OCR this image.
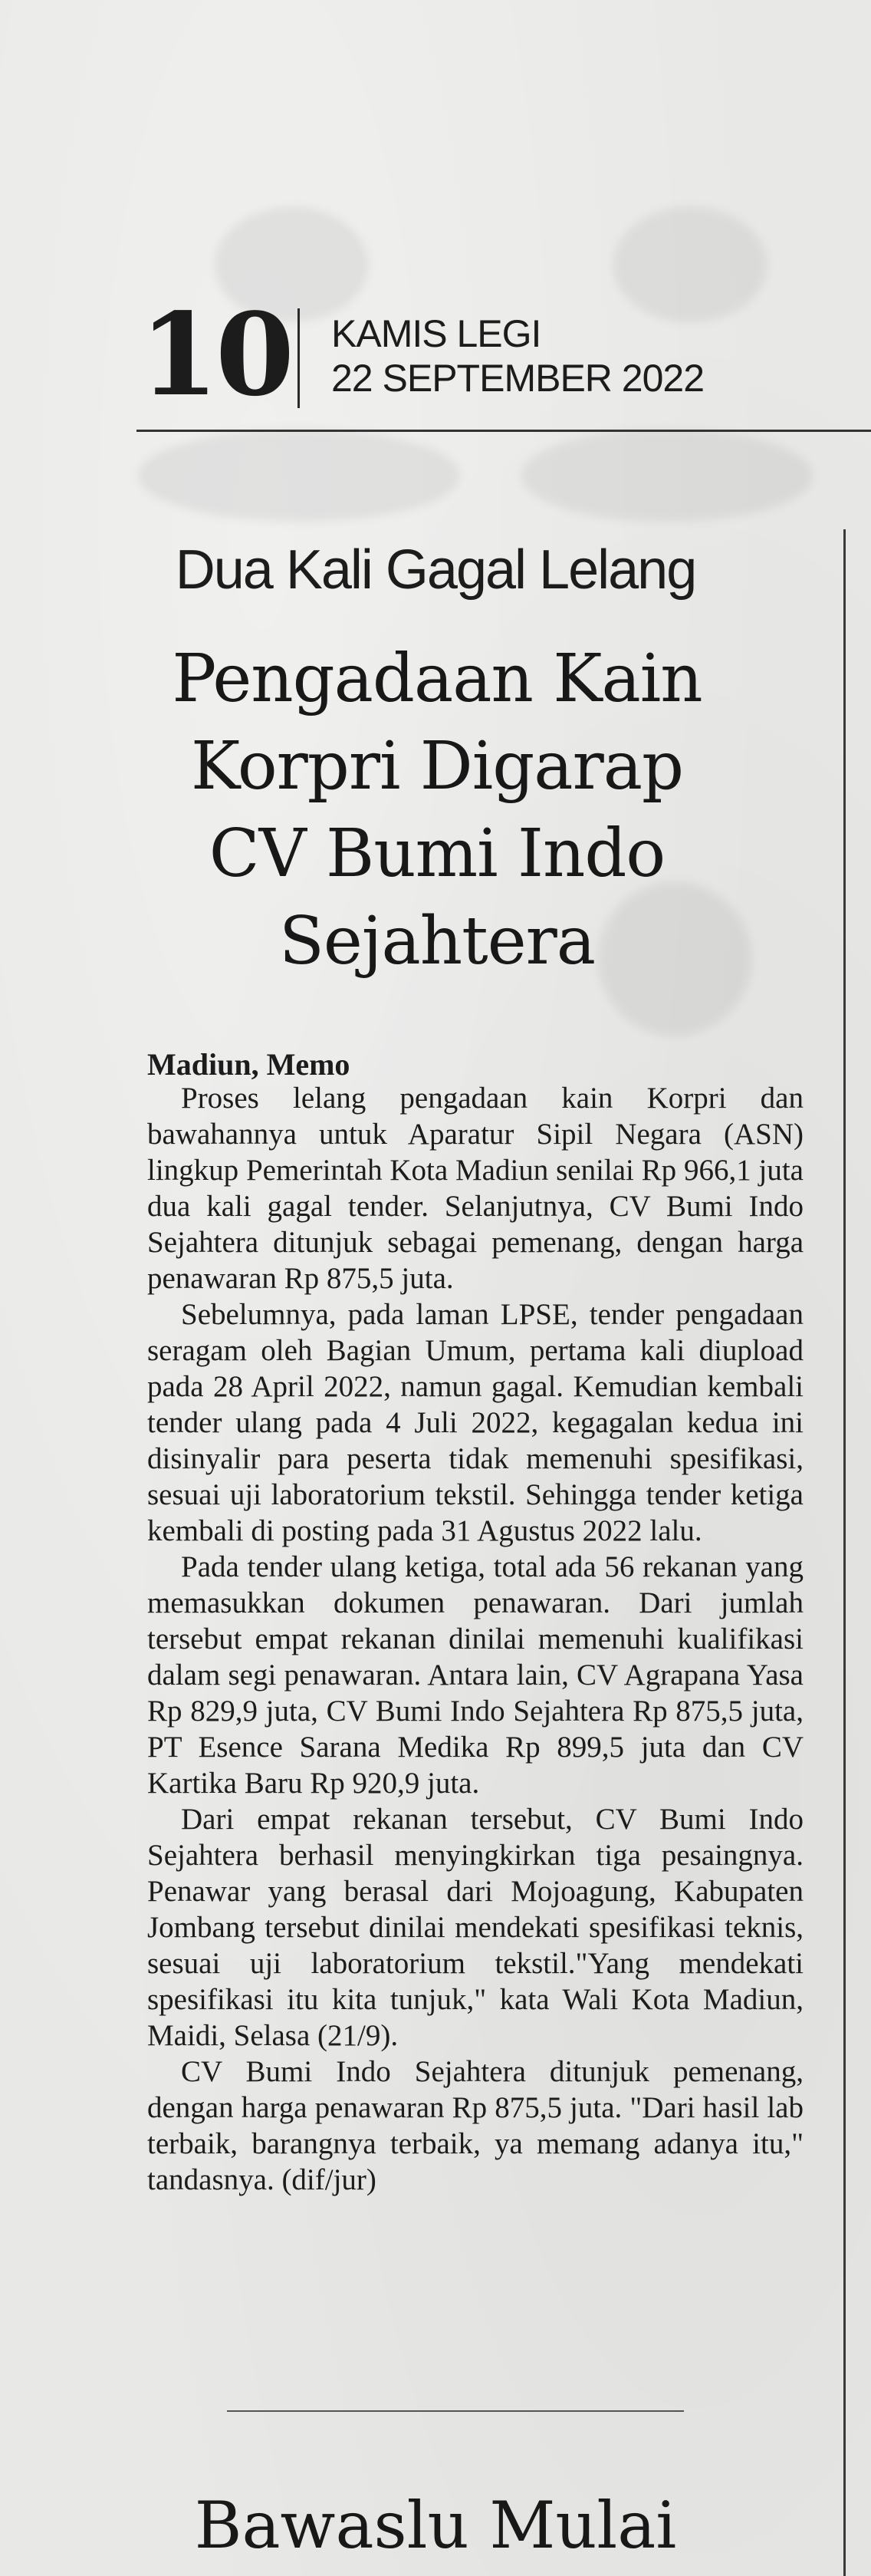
10 KAMIS LEGI
22 SEPTEMBER 2022
Dua Kali Gagal Lelang
Pengadaan Kain
Korpri Digarap
CV Bumi Indo
Sejahtera
Madiun, Memo

Proses lelang pengadaan kain Korpri dan bawahannya untuk Aparatur Sipil Negara (ASN) lingkup Pemerintah Kota Madiun senilai Rp 966,1 juta dua kali gagal tender. Selanjutnya, CV Bumi Indo Sejahtera ditunjuk sebagai pemenang, dengan harga penawaran Rp 875,5 juta.

Sebelumnya, pada laman LPSE, tender pengadaan seragam oleh Bagian Umum, pertama kali diupload pada 28 April 2022, namun gagal. Kemudian kembali tender ulang pada 4 Juli 2022, kegagalan kedua ini disinyalir para peserta tidak memenuhi spesifikasi, sesuai uji laboratorium tekstil. Sehingga tender ketiga kembali di posting pada 31 Agustus 2022 lalu.

Pada tender ulang ketiga, total ada 56 rekanan yang memasukkan dokumen penawaran. Dari jumlah tersebut empat rekanan dinilai memenuhi kualifikasi dalam segi penawaran. Antara lain, CV Agrapana Yasa Rp 829,9 juta, CV Bumi Indo Sejahtera Rp 875,5 juta, PT Esence Sarana Medika Rp 899,5 juta dan CV Kartika Baru Rp 920,9 juta.

Dari empat rekanan tersebut, CV Bumi Indo Sejahtera berhasil menyingkirkan tiga pesaingnya. Penawar yang berasal dari Mojoagung, Kabupaten Jombang tersebut dinilai mendekati spesifikasi teknis, sesuai uji laboratorium tekstil."Yang mendekati spesifikasi itu kita tunjuk," kata Wali Kota Madiun, Maidi, Selasa (21/9).

CV Bumi Indo Sejahtera ditunjuk pemenang, dengan harga penawaran Rp 875,5 juta. "Dari hasil lab terbaik, barangnya terbaik, ya memang adanya itu," tandasnya. (dif/jur)

Bawaslu Mulai
